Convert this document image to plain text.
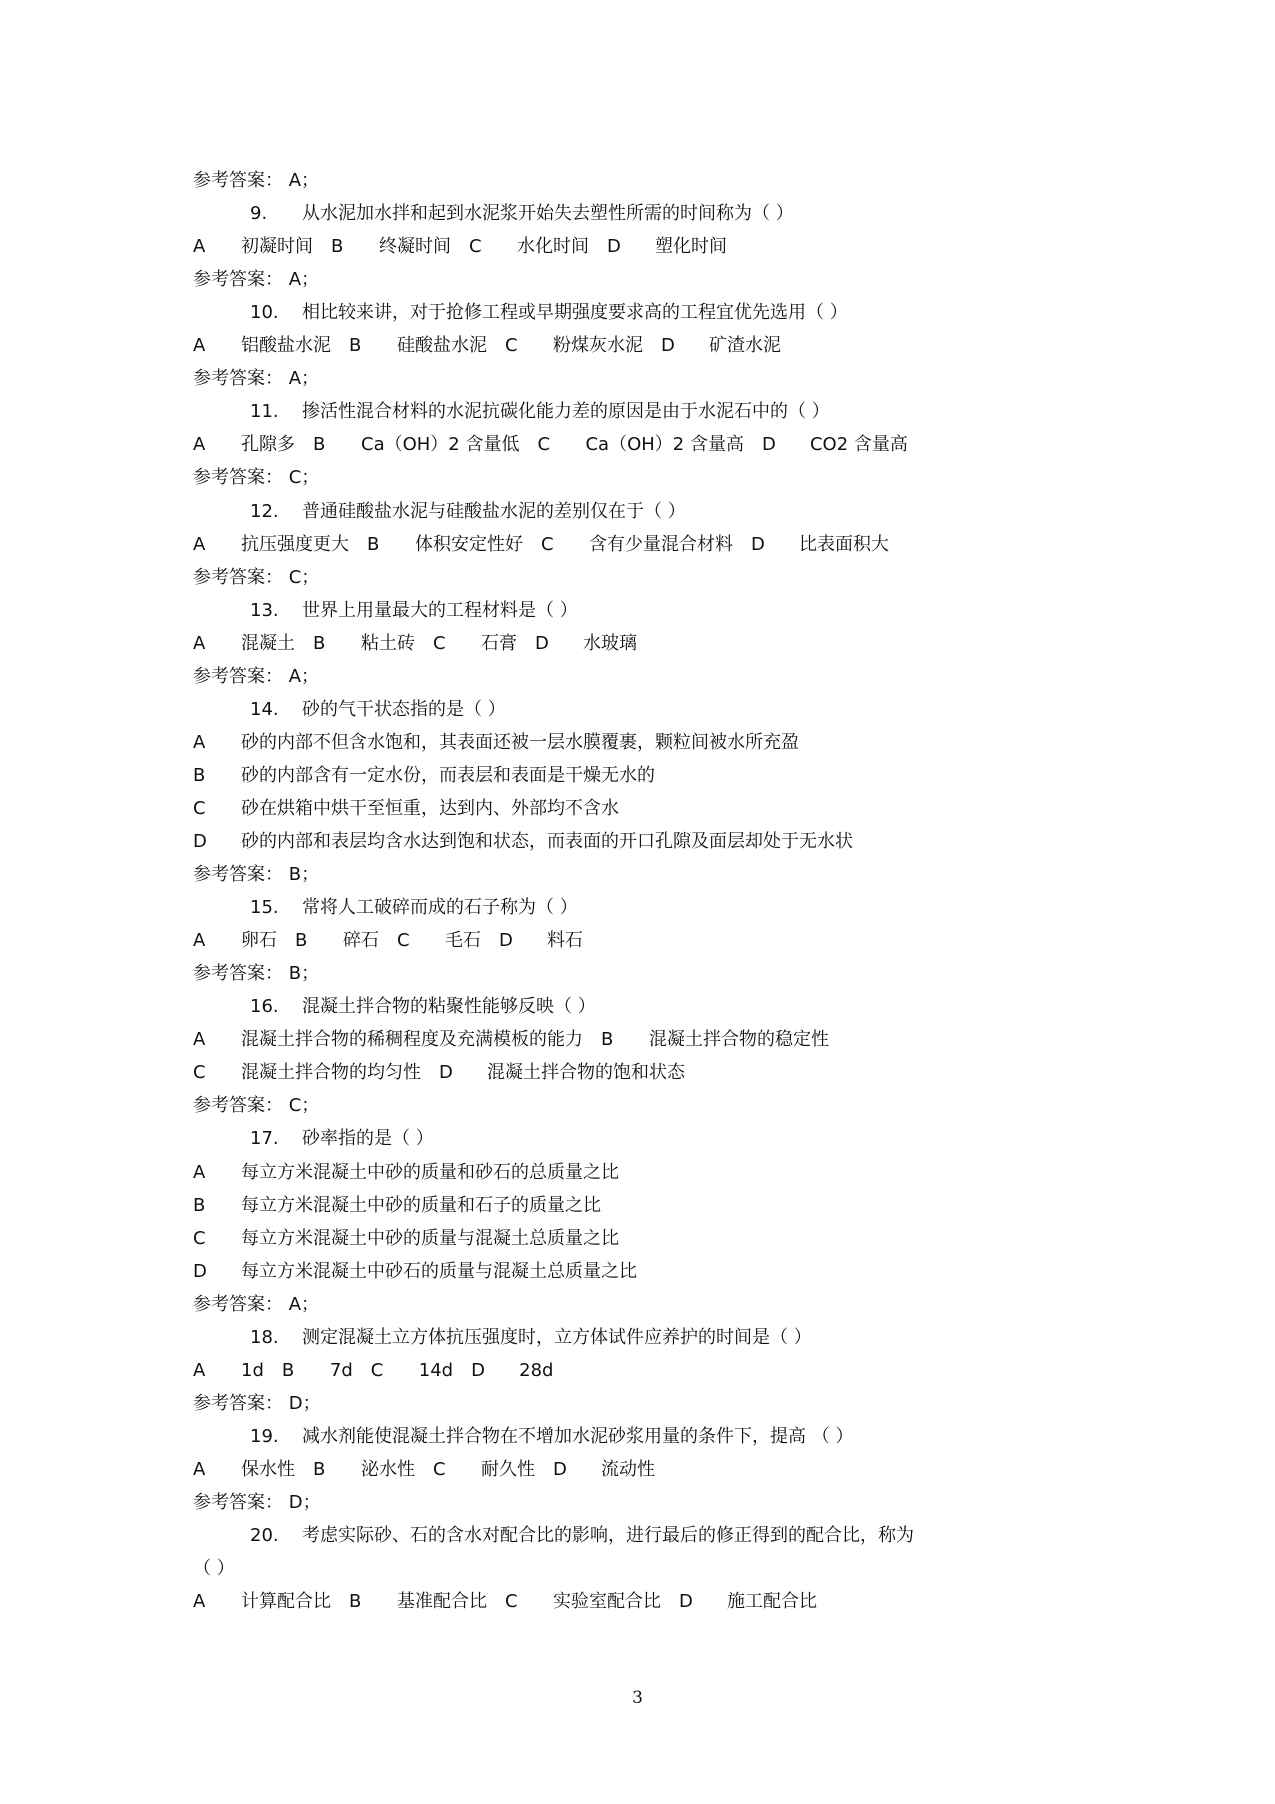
参考答案： A；
9. 从水泥加水拌和起到水泥浆开始失去塑性所需的时间称为（ ）
A 初凝时间 B 终凝时间 C 水化时间 D 塑化时间
参考答案： A；
10. 相比较来讲，对于抢修工程或早期强度要求高的工程宜优先选用（ ）
A 铝酸盐水泥 B 硅酸盐水泥 C 粉煤灰水泥 D 矿渣水泥
参考答案： A；
11. 掺活性混合材料的水泥抗碳化能力差的原因是由于水泥石中的（ ）
A 孔隙多 B Ca（OH）2 含量低 C Ca（OH）2 含量高 D CO2 含量高
参考答案： C；
12. 普通硅酸盐水泥与硅酸盐水泥的差别仅在于（ ）
A 抗压强度更大 B 体积安定性好 C 含有少量混合材料 D 比表面积大
参考答案： C；
13. 世界上用量最大的工程材料是（ ）
A 混凝土 B 粘土砖 C 石膏 D 水玻璃
参考答案： A；
14. 砂的气干状态指的是（ ）
A 砂的内部不但含水饱和，其表面还被一层水膜覆裹，颗粒间被水所充盈
B 砂的内部含有一定水份，而表层和表面是干燥无水的
C 砂在烘箱中烘干至恒重，达到内、外部均不含水
D 砂的内部和表层均含水达到饱和状态，而表面的开口孔隙及面层却处于无水状
参考答案： B；
15. 常将人工破碎而成的石子称为（ ）
A 卵石 B 碎石 C 毛石 D 料石
参考答案： B；
16. 混凝土拌合物的粘聚性能够反映（ ）
A 混凝土拌合物的稀稠程度及充满模板的能力 B 混凝土拌合物的稳定性
C 混凝土拌合物的均匀性 D 混凝土拌合物的饱和状态
参考答案： C；
17. 砂率指的是（ ）
A 每立方米混凝土中砂的质量和砂石的总质量之比
B 每立方米混凝土中砂的质量和石子的质量之比
C 每立方米混凝土中砂的质量与混凝土总质量之比
D 每立方米混凝土中砂石的质量与混凝土总质量之比
参考答案： A；
18. 测定混凝土立方体抗压强度时，立方体试件应养护的时间是（ ）
A 1d B 7d C 14d D 28d
参考答案： D；
19. 减水剂能使混凝土拌合物在不增加水泥砂浆用量的条件下，提高 （ ）
A 保水性 B 泌水性 C 耐久性 D 流动性
参考答案： D；
20. 考虑实际砂、石的含水对配合比的影响，进行最后的修正得到的配合比，称为
（ ）
A 计算配合比 B 基准配合比 C 实验室配合比 D 施工配合比
3
